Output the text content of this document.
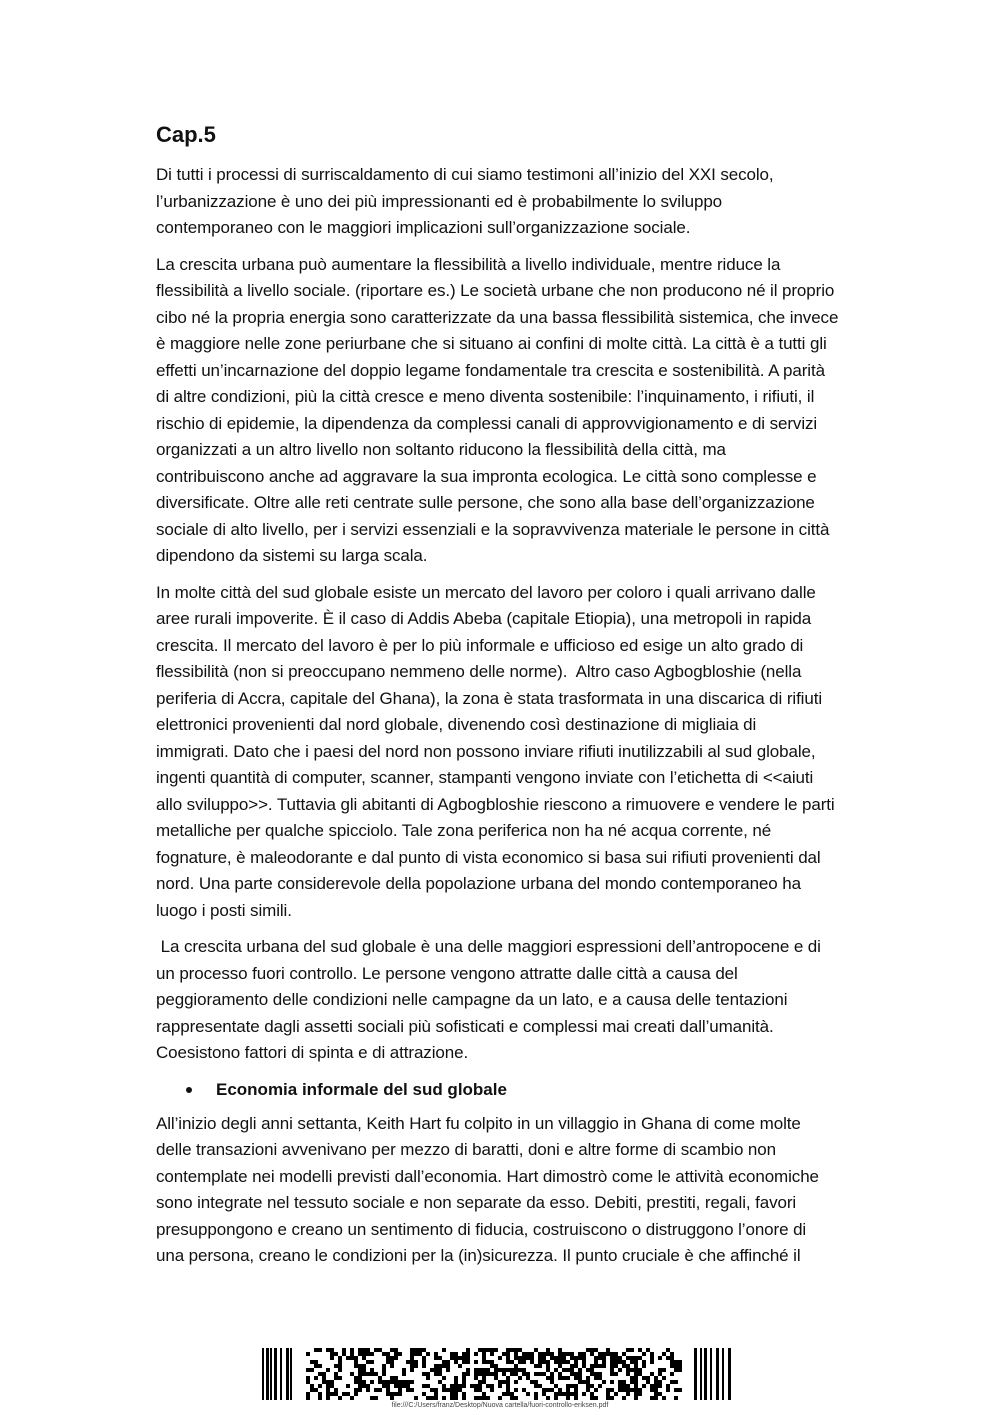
Cap.5

Di tutti i processi di surriscaldamento di cui siamo testimoni all’inizio del XXI secolo,
l’urbanizzazione è uno dei più impressionanti ed è probabilmente lo sviluppo
contemporaneo con le maggiori implicazioni sull’organizzazione sociale.

La crescita urbana può aumentare la flessibilità a livello individuale, mentre riduce la
flessibilità a livello sociale. (riportare es.) Le società urbane che non producono né il proprio
cibo né la propria energia sono caratterizzate da una bassa flessibilità sistemica, che invece
è maggiore nelle zone periurbane che si situano ai confini di molte città. La città è a tutti gli
effetti un’incarnazione del doppio legame fondamentale tra crescita e sostenibilità. A parità
di altre condizioni, più la città cresce e meno diventa sostenibile: l’inquinamento, i rifiuti, il
rischio di epidemie, la dipendenza da complessi canali di approvvigionamento e di servizi
organizzati a un altro livello non soltanto riducono la flessibilità della città, ma
contribuiscono anche ad aggravare la sua impronta ecologica. Le città sono complesse e
diversificate. Oltre alle reti centrate sulle persone, che sono alla base dell’organizzazione
sociale di alto livello, per i servizi essenziali e la sopravvivenza materiale le persone in città
dipendono da sistemi su larga scala.

In molte città del sud globale esiste un mercato del lavoro per coloro i quali arrivano dalle
aree rurali impoverite. È il caso di Addis Abeba (capitale Etiopia), una metropoli in rapida
crescita. Il mercato del lavoro è per lo più informale e ufficioso ed esige un alto grado di
flessibilità (non si preoccupano nemmeno delle norme).  Altro caso Agbogbloshie (nella
periferia di Accra, capitale del Ghana), la zona è stata trasformata in una discarica di rifiuti
elettronici provenienti dal nord globale, divenendo così destinazione di migliaia di
immigrati. Dato che i paesi del nord non possono inviare rifiuti inutilizzabili al sud globale,
ingenti quantità di computer, scanner, stampanti vengono inviate con l’etichetta di <<aiuti
allo sviluppo>>. Tuttavia gli abitanti di Agbogbloshie riescono a rimuovere e vendere le parti
metalliche per qualche spicciolo. Tale zona periferica non ha né acqua corrente, né
fognature, è maleodorante e dal punto di vista economico si basa sui rifiuti provenienti dal
nord. Una parte considerevole della popolazione urbana del mondo contemporaneo ha
luogo i posti simili.

La crescita urbana del sud globale è una delle maggiori espressioni dell’antropocene e di
un processo fuori controllo. Le persone vengono attratte dalle città a causa del
peggioramento delle condizioni nelle campagne da un lato, e a causa delle tentazioni
rappresentate dagli assetti sociali più sofisticati e complessi mai creati dall’umanità.
Coesistono fattori di spinta e di attrazione.

Economia informale del sud globale

All’inizio degli anni settanta, Keith Hart fu colpito in un villaggio in Ghana di come molte
delle transazioni avvenivano per mezzo di baratti, doni e altre forme di scambio non
contemplate nei modelli previsti dall’economia. Hart dimostrò come le attività economiche
sono integrate nel tessuto sociale e non separate da esso. Debiti, prestiti, regali, favori
presuppongono e creano un sentimento di fiducia, costruiscono o distruggono l’onore di
una persona, creano le condizioni per la (in)sicurezza. Il punto cruciale è che affinché il

file:///C:/Users/franz/Desktop/Nuova cartella/fuori-controllo-eriksen.pdf
